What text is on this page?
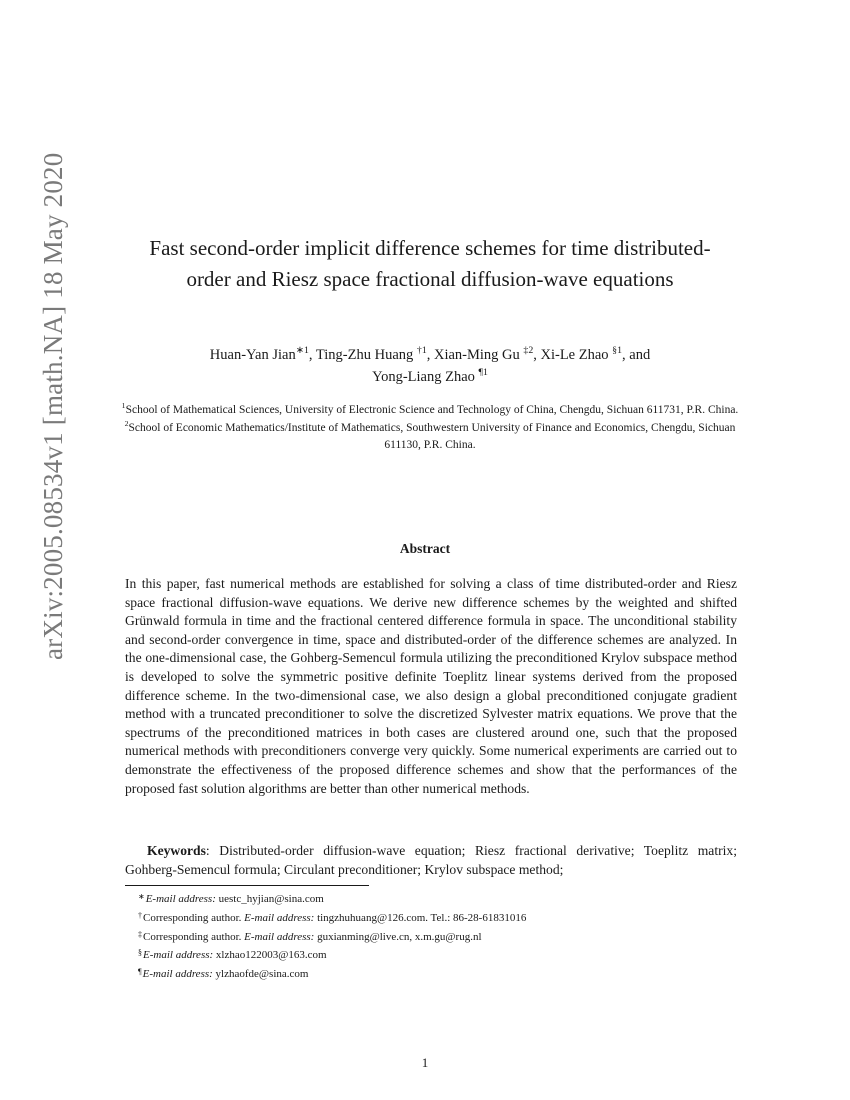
arXiv:2005.08534v1 [math.NA] 18 May 2020	Fast second-order implicit difference schemes for time distributed-order and Riesz space fractional diffusion-wave equations
Huan-Yan Jian$^{∗1}$, Ting-Zhu Huang $^{\dagger 1}$, Xian-Ming Gu $^{\ddagger 2}$, Xi-Le Zhao $^{\S 1}$, and
Yong-Liang Zhao $^{\P 1}$

$^1$School of Mathematical Sciences, University of Electronic Science and Technology of China, Chengdu, Sichuan 611731, P.R. China.

$^2$School of Economic Mathematics/Institute of Mathematics, Southwestern University of Finance and Economics, Chengdu, Sichuan 611130, P.R. China.

Abstract

In this paper, fast numerical methods are established for solving a class of time distributed-order and Riesz space fractional diffusion-wave equations. We derive new difference schemes by the weighted and shifted Grünwald formula in time and the fractional centered difference formula in space. The unconditional stability and second-order convergence in time, space and distributed-order of the difference schemes are analyzed. In the one-dimensional case, the Gohberg-Semencul formula utilizing the preconditioned Krylov subspace method is developed to solve the symmetric positive definite Toeplitz linear systems derived from the proposed difference scheme. In the two-dimensional case, we also design a global preconditioned conjugate gradient method with a truncated preconditioner to solve the discretized Sylvester matrix equations. We prove that the spectrums of the preconditioned matrices in both cases are clustered around one, such that the proposed numerical methods with preconditioners converge very quickly. Some numerical experiments are carried out to demonstrate the effectiveness of the proposed difference schemes and show that the performances of the proposed fast solution algorithms are better than other numerical methods.

Keywords: Distributed-order diffusion-wave equation; Riesz fractional derivative; Toeplitz matrix; Gohberg-Semencul formula; Circulant preconditioner; Krylov subspace method;

∗E-mail address: uestc_hyjian@sina.com
†Corresponding author. E-mail address: tingzhuhuang@126.com. Tel.: 86-28-61831016
‡Corresponding author. E-mail address: guxianming@live.cn, x.m.gu@rug.nl
§E-mail address: xlzhao122003@163.com
¶E-mail address: ylzhaofde@sina.com
1
